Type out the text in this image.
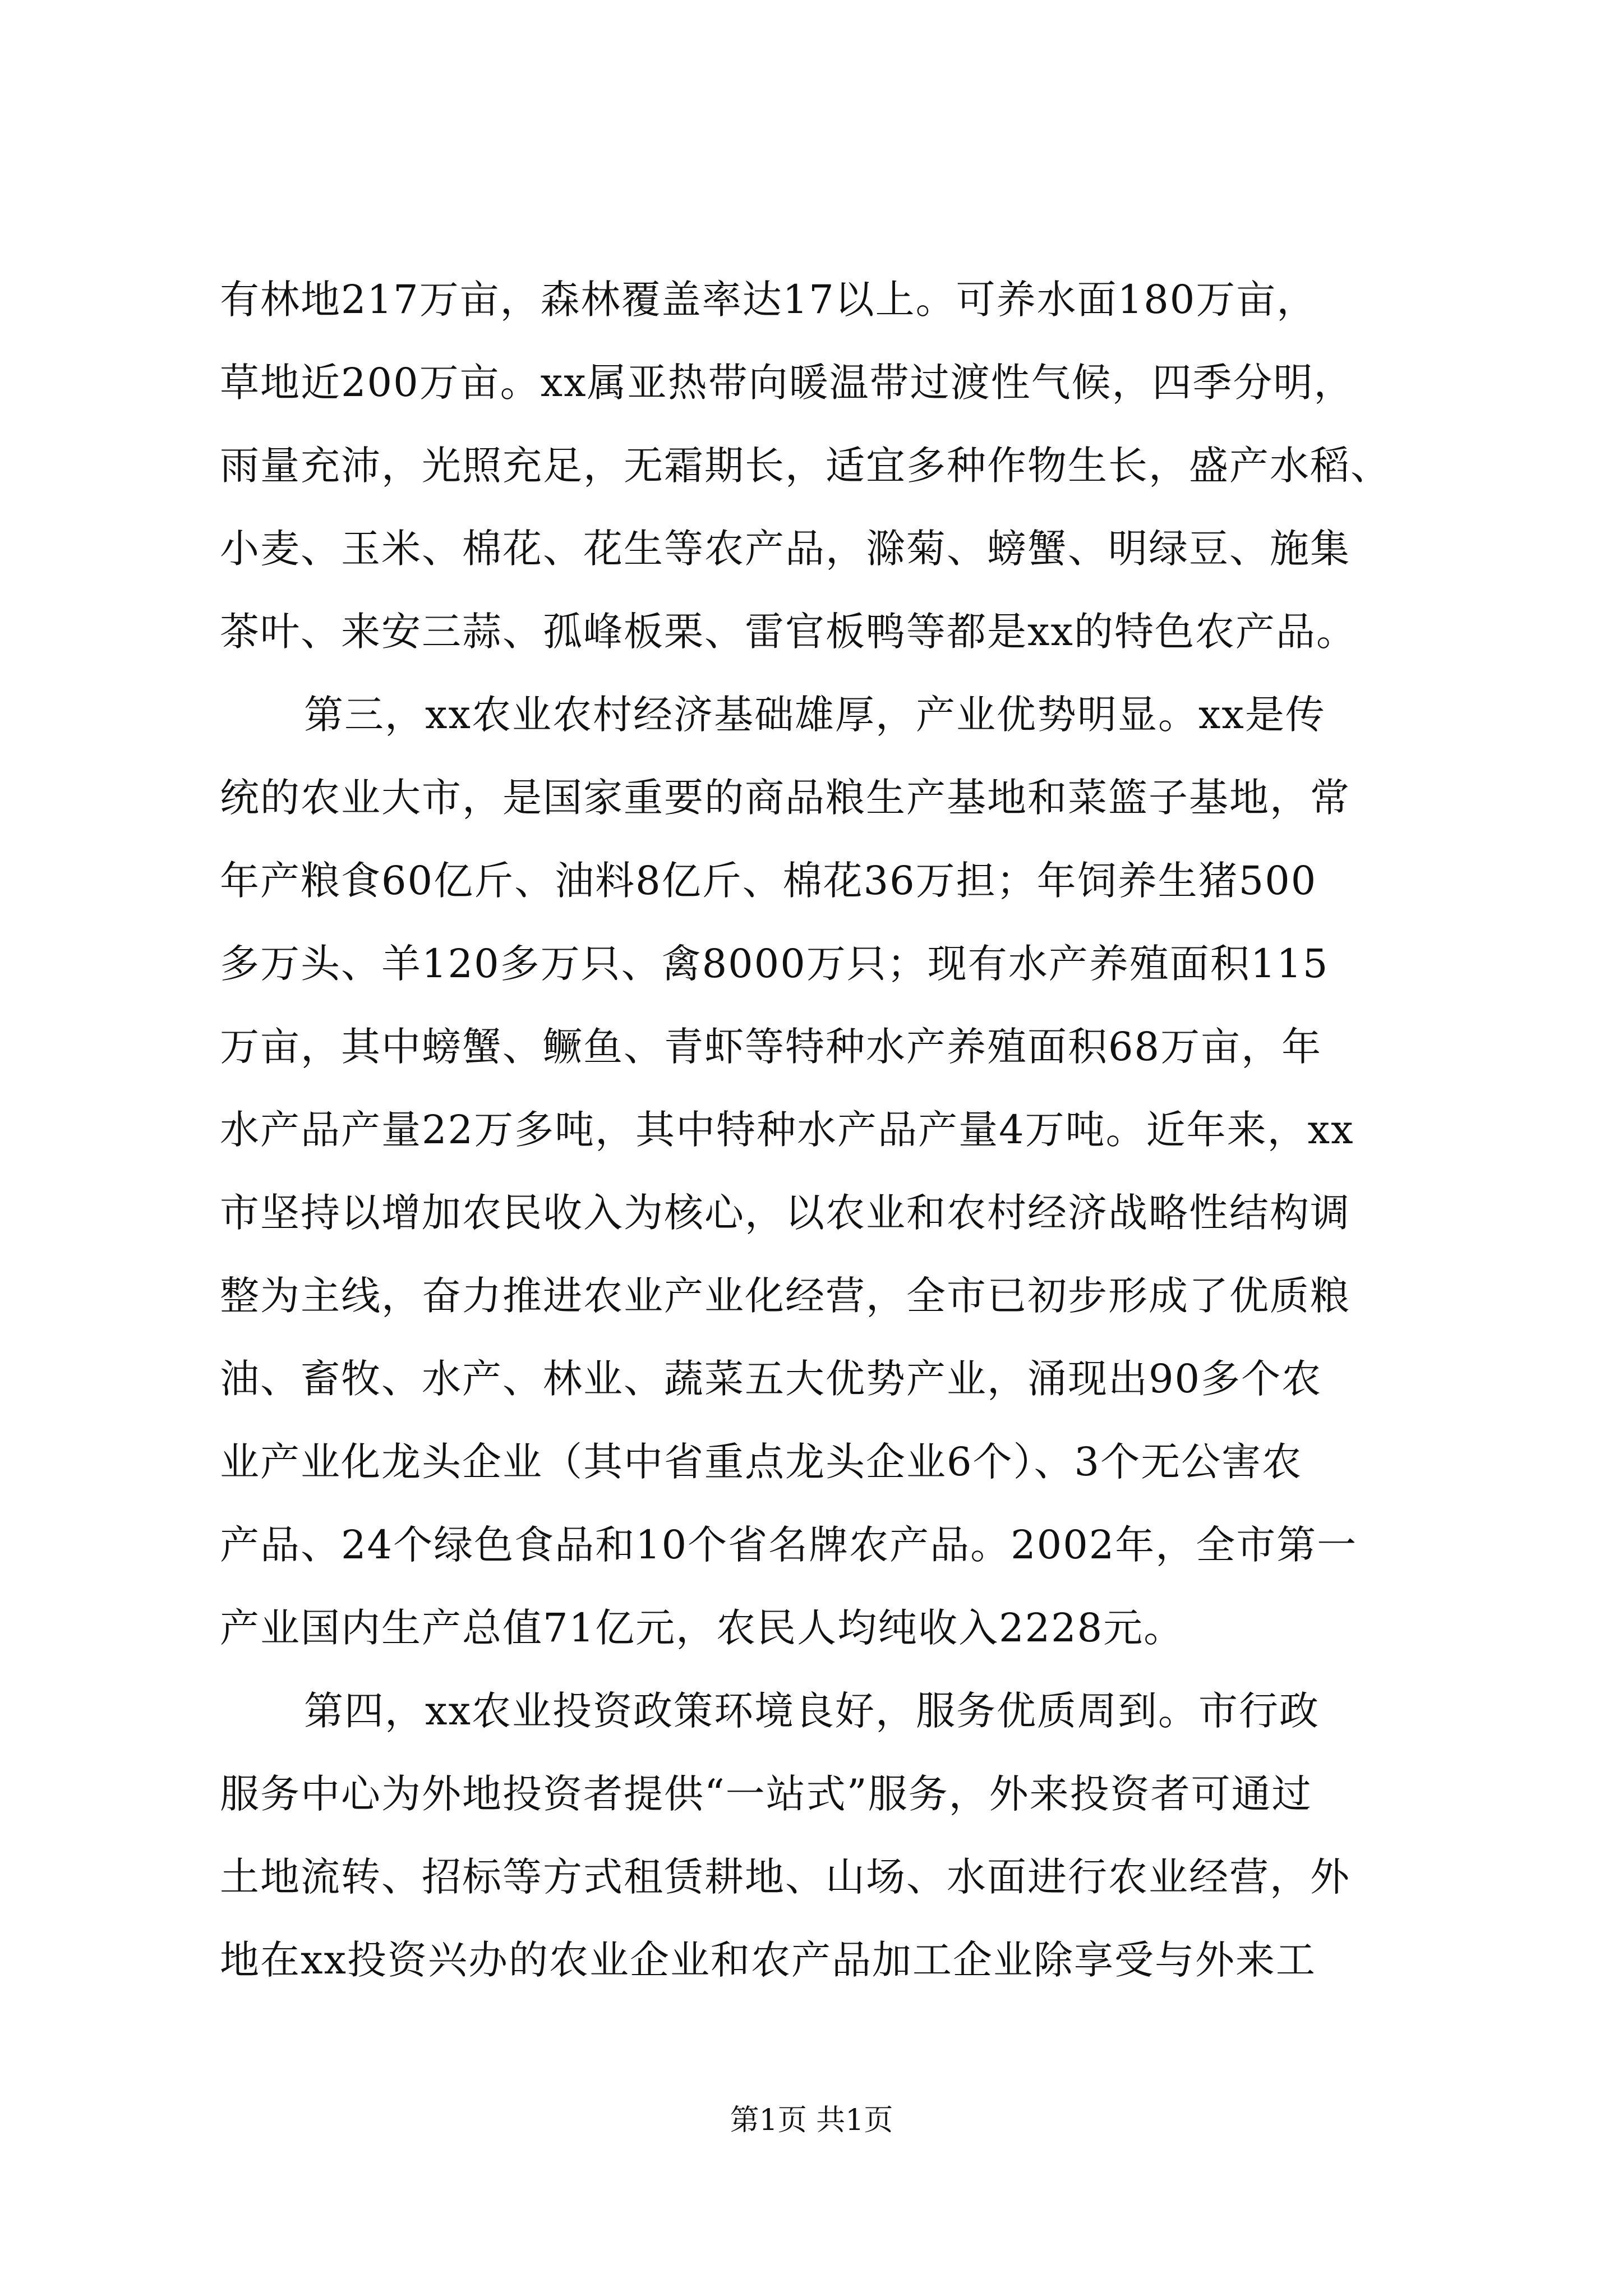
有林地217万亩，森林覆盖率达17以上。可养水面180万亩，
草地近200万亩。xx属亚热带向暖温带过渡性气候，四季分明，
雨量充沛，光照充足，无霜期长，适宜多种作物生长，盛产水稻、
小麦、玉米、棉花、花生等农产品，滁菊、螃蟹、明绿豆、施集
茶叶、来安三蒜、孤峰板栗、雷官板鸭等都是xx的特色农产品。
第三，xx农业农村经济基础雄厚，产业优势明显。xx是传
统的农业大市，是国家重要的商品粮生产基地和菜篮子基地，常
年产粮食60亿斤、油料8亿斤、棉花36万担；年饲养生猪500
多万头、羊120多万只、禽8000万只；现有水产养殖面积115
万亩，其中螃蟹、鳜鱼、青虾等特种水产养殖面积68万亩，年
水产品产量22万多吨，其中特种水产品产量4万吨。近年来，xx
市坚持以增加农民收入为核心，以农业和农村经济战略性结构调
整为主线，奋力推进农业产业化经营，全市已初步形成了优质粮
油、畜牧、水产、林业、蔬菜五大优势产业，涌现出90多个农
业产业化龙头企业（其中省重点龙头企业6个）、3个无公害农
产品、24个绿色食品和10个省名牌农产品。2002年，全市第一
产业国内生产总值71亿元，农民人均纯收入2228元。
第四，xx农业投资政策环境良好，服务优质周到。市行政
服务中心为外地投资者提供“一站式”服务，外来投资者可通过
土地流转、招标等方式租赁耕地、山场、水面进行农业经营，外
地在xx投资兴办的农业企业和农产品加工企业除享受与外来工
第1页 共1页
